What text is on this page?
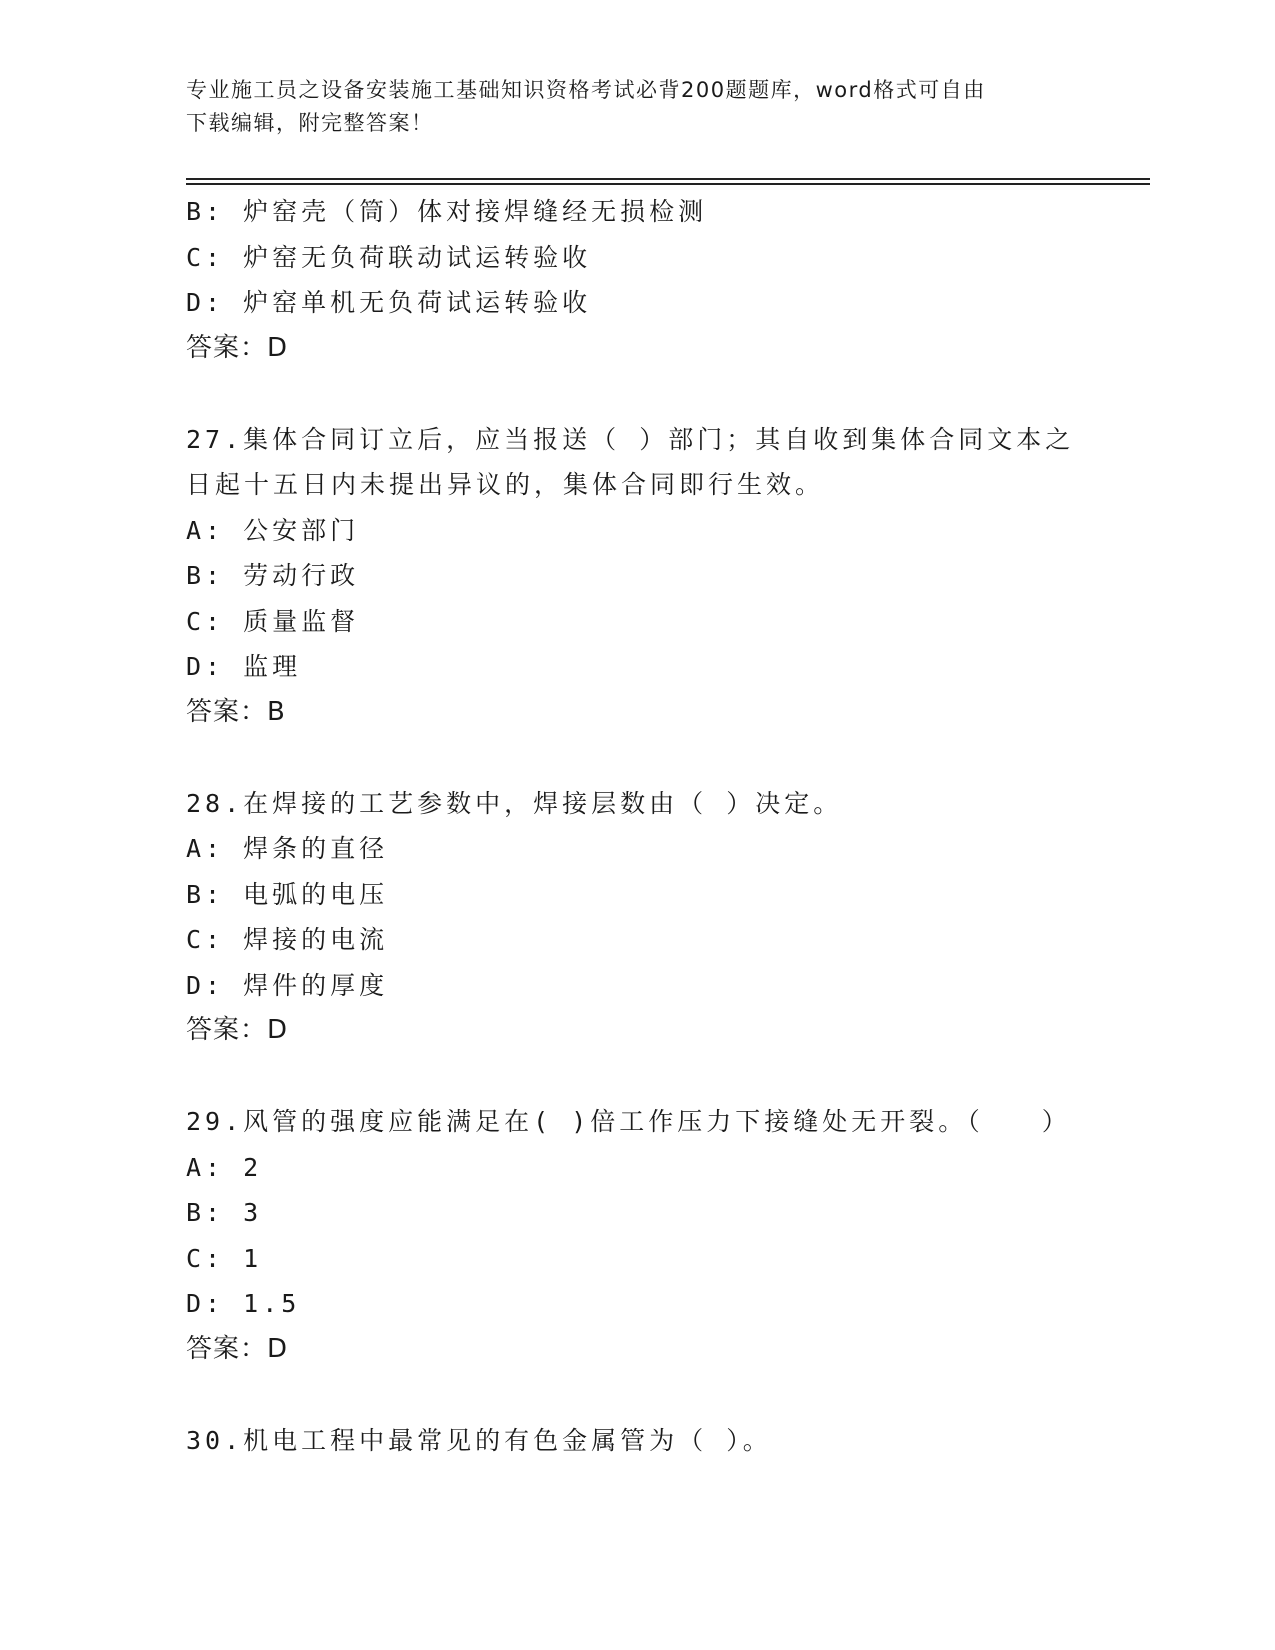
专业施工员之设备安装施工基础知识资格考试必背200题题库，word格式可自由
下载编辑，附完整答案！
B: 炉窑壳（筒）体对接焊缝经无损检测
C: 炉窑无负荷联动试运转验收
D: 炉窑单机无负荷试运转验收
答案：D
27.集体合同订立后，应当报送（ ）部门；其自收到集体合同文本之
日起十五日内未提出异议的，集体合同即行生效。
A: 公安部门
B: 劳动行政
C: 质量监督
D: 监理
答案：B
28.在焊接的工艺参数中，焊接层数由（ ）决定。
A: 焊条的直径
B: 电弧的电压
C: 焊接的电流
D: 焊件的厚度
答案：D
29.风管的强度应能满足在( )倍工作压力下接缝处无开裂。（　　）
A: 2
B: 3
C: 1
D: 1.5
答案：D
30.机电工程中最常见的有色金属管为（ ）。
